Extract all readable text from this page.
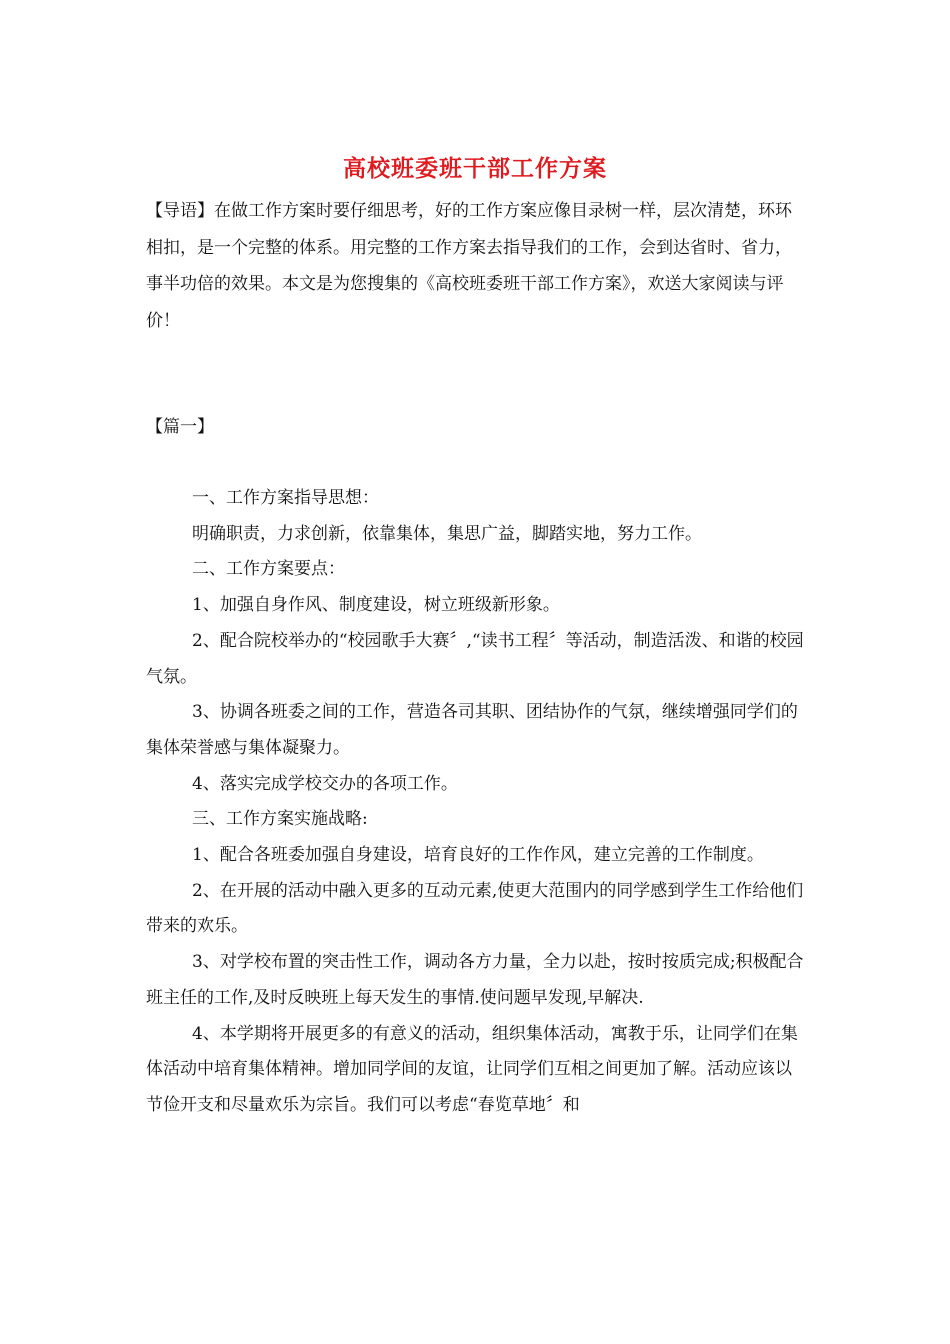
高校班委班干部工作方案

【导语】在做工作方案时要仔细思考，好的工作方案应像目录树一样，层次清楚，环环相扣，是一个完整的体系。用完整的工作方案去指导我们的工作，会到达省时、省力，事半功倍的效果。本文是为您搜集的《高校班委班干部工作方案》，欢送大家阅读与评价！

【篇一】

一、工作方案指导思想：

明确职责，力求创新，依靠集体，集思广益，脚踏实地，努力工作。

二、工作方案要点：

1、加强自身作风、制度建设，树立班级新形象。

2、配合院校举办的“校园歌手大赛〞,“读书工程〞等活动，制造活泼、和谐的校园气氛。

3、协调各班委之间的工作，营造各司其职、团结协作的气氛，继续增强同学们的集体荣誉感与集体凝聚力。

4、落实完成学校交办的各项工作。

三、工作方案实施战略:

1、配合各班委加强自身建设，培育良好的工作作风，建立完善的工作制度。

2、在开展的活动中融入更多的互动元素,使更大范围内的同学感到学生工作给他们带来的欢乐。

3、对学校布置的突击性工作，调动各方力量，全力以赴，按时按质完成;积极配合班主任的工作,及时反映班上每天发生的事情.使问题早发现,早解决.

4、本学期将开展更多的有意义的活动，组织集体活动，寓教于乐，让同学们在集体活动中培育集体精神。增加同学间的友谊，让同学们互相之间更加了解。活动应该以节俭开支和尽量欢乐为宗旨。我们可以考虑“春览草地〞和
